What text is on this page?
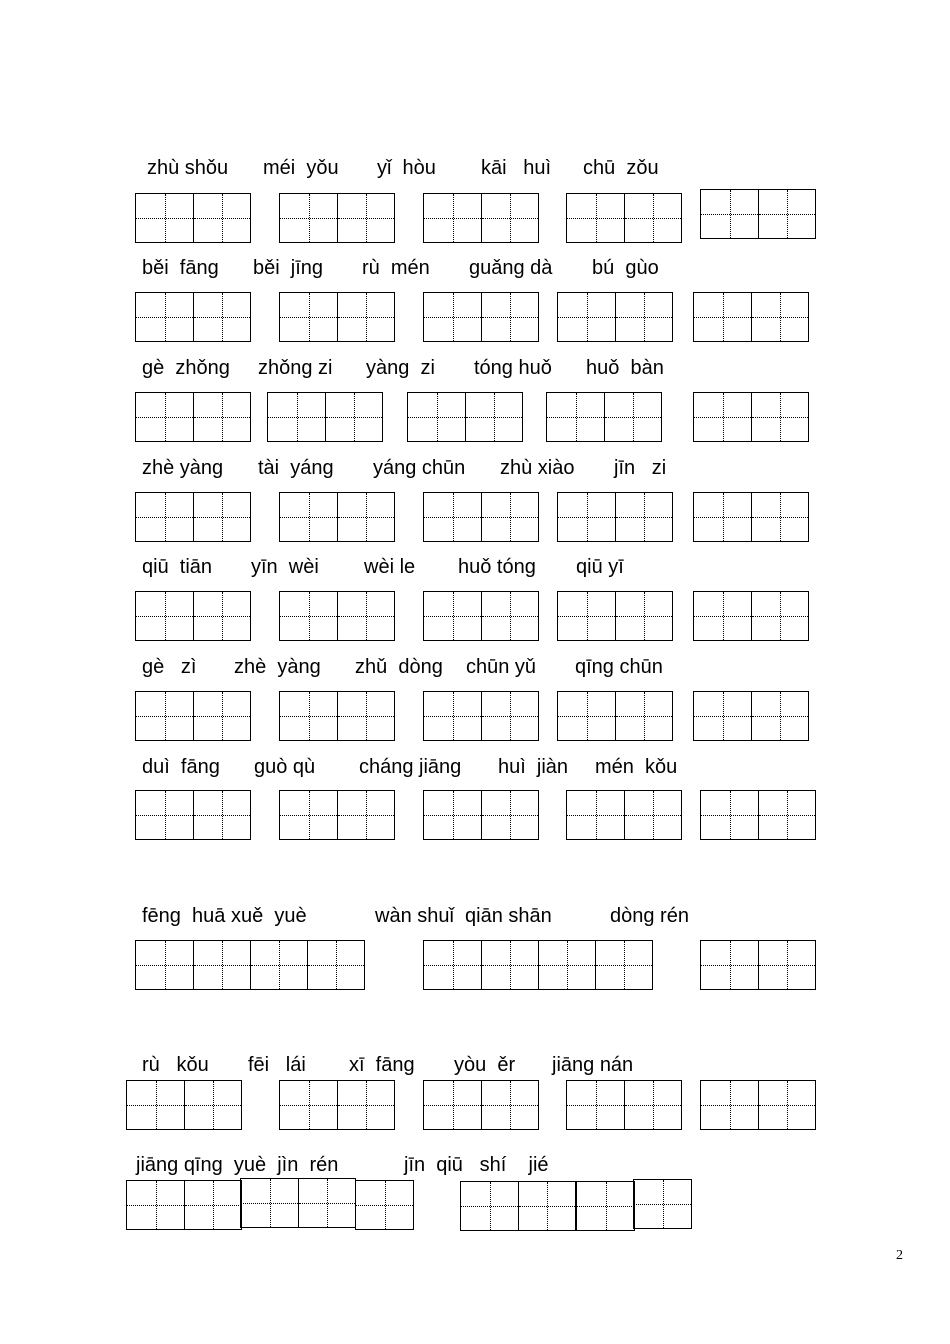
zhù shǒu méi  yǒu yǐ  hòu kāi   huì chū  zǒu
běi  fāng běi  jīng rù  mén guǎng dà bú  gùo
gè  zhǒng zhǒng zi yàng  zi tóng huǒ huǒ  bàn
zhè yàng tài  yáng yáng chūn zhù xiào jīn   zi
qiū  tiān yīn  wèi wèi le huǒ tóng qiū yī
gè   zì zhè  yàng zhǔ  dòng chūn yǔ qīng chūn
duì  fāng guò qù cháng jiāng huì  jiàn mén  kǒu
fēng  huā xuě  yuè	wàn shuǐ  qiān shān	dòng rén
rù   kǒu fēi   lái xī  fāng yòu  ěr jiāng nán
jiāng qīng  yuè  jìn  rén	jīn  qiū   shí    jié
2
